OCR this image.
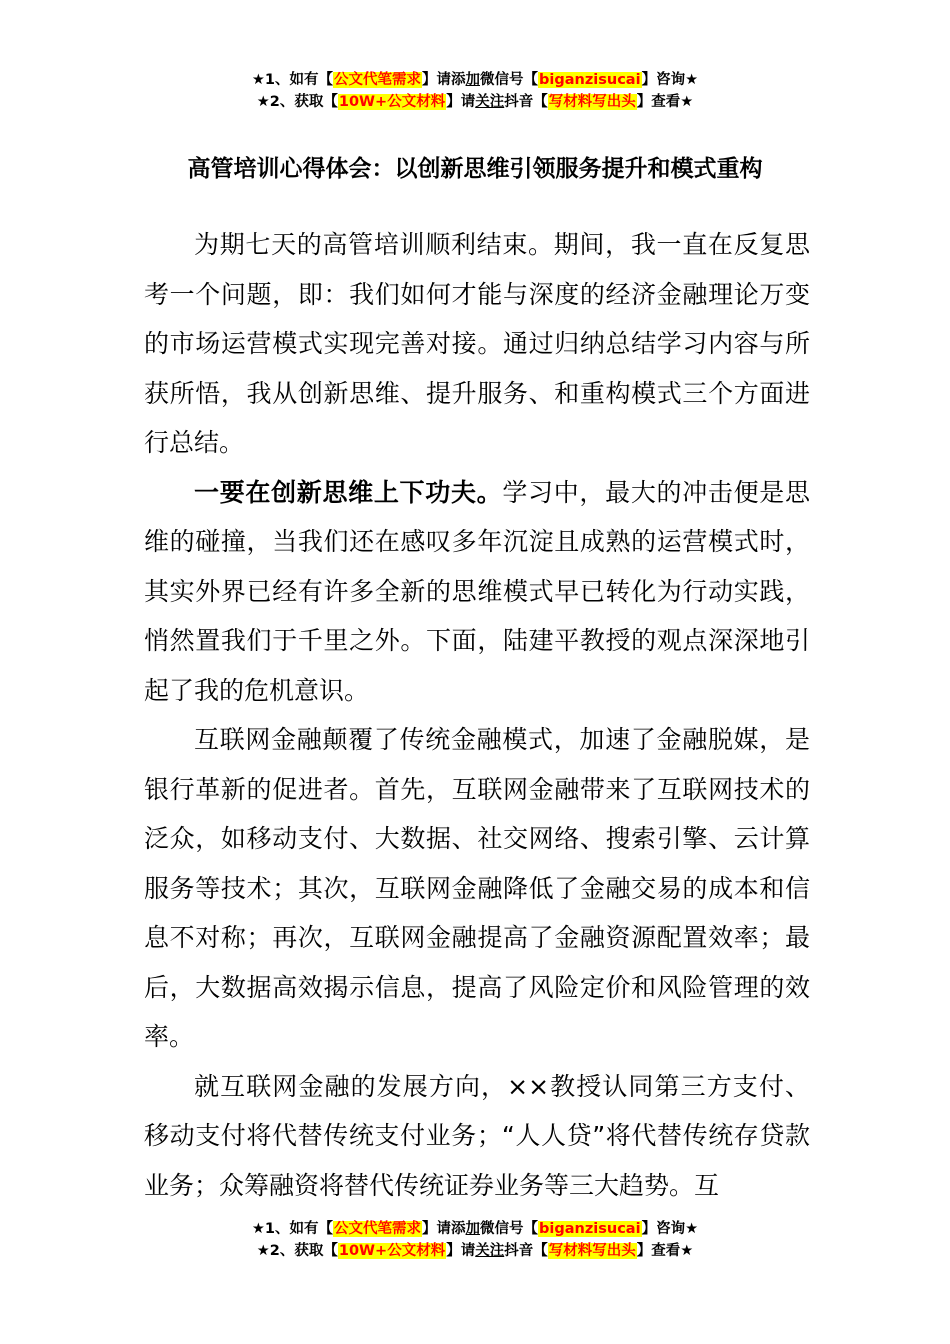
★1、如有【公文代笔需求】请添加微信号【biganzisucai】咨询★
★2、获取【10W+公文材料】请关注抖音【写材料写出头】查看★
高管培训心得体会：以创新思维引领服务提升和模式重构

为期七天的高管培训顺利结束。期间，我一直在反复思考一个问题，即：我们如何才能与深度的经济金融理论万变的市场运营模式实现完善对接。通过归纳总结学习内容与所获所悟，我从创新思维、提升服务、和重构模式三个方面进行总结。

一要在创新思维上下功夫。学习中，最大的冲击便是思维的碰撞，当我们还在感叹多年沉淀且成熟的运营模式时，其实外界已经有许多全新的思维模式早已转化为行动实践，悄然置我们于千里之外。下面，陆建平教授的观点深深地引起了我的危机意识。

互联网金融颠覆了传统金融模式，加速了金融脱媒，是银行革新的促进者。首先，互联网金融带来了互联网技术的泛众，如移动支付、大数据、社交网络、搜索引擎、云计算服务等技术；其次，互联网金融降低了金融交易的成本和信息不对称；再次，互联网金融提高了金融资源配置效率；最后，大数据高效揭示信息，提高了风险定价和风险管理的效率。

就互联网金融的发展方向，××教授认同第三方支付、移动支付将代替传统支付业务；“人人贷”将代替传统存贷款业务；众筹融资将替代传统证券业务等三大趋势。互

★1、如有【公文代笔需求】请添加微信号【biganzisucai】咨询★
★2、获取【10W+公文材料】请关注抖音【写材料写出头】查看★
